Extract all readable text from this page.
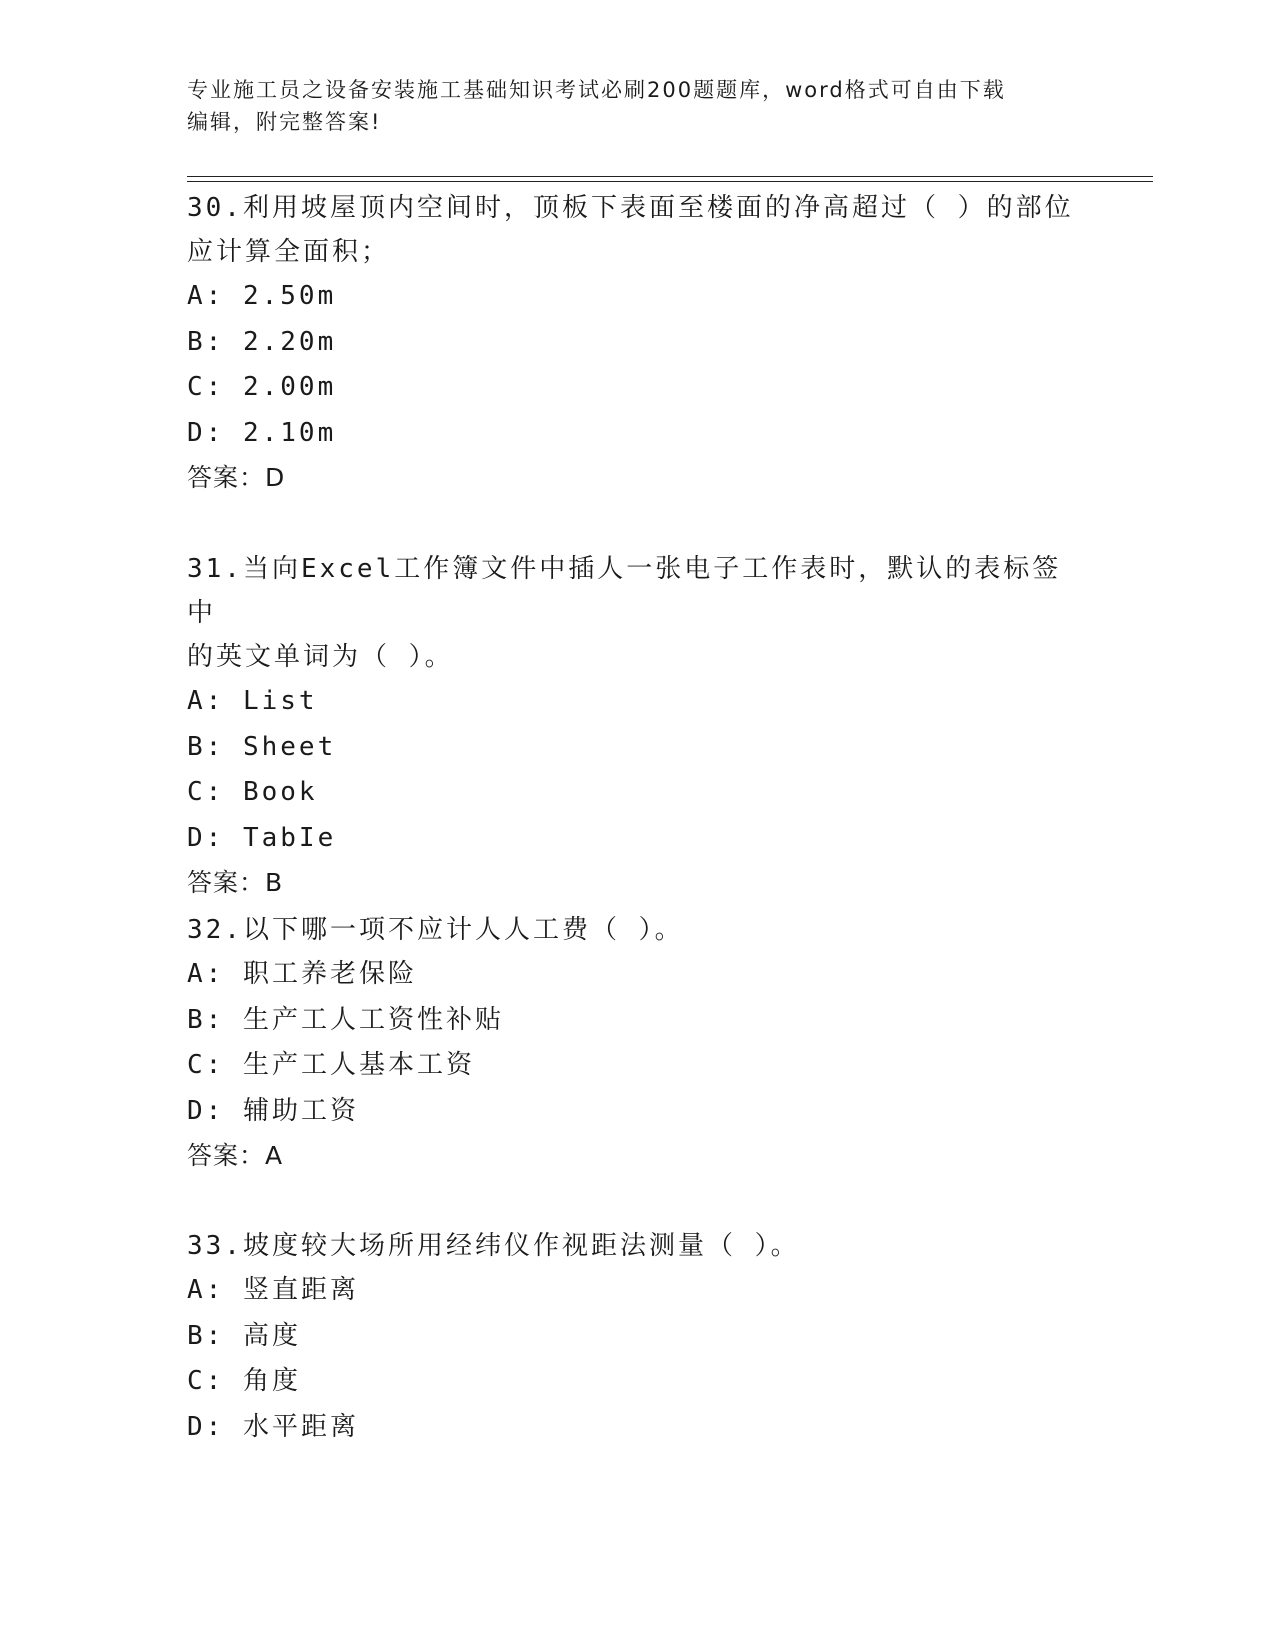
专业施工员之设备安装施工基础知识考试必刷200题题库，word格式可自由下载
编辑，附完整答案!
30.利用坡屋顶内空间时，顶板下表面至楼面的净高超过（ ）的部位
应计算全面积；
A: 2.50m
B: 2.20m
C: 2.00m
D: 2.10m
答案：D
31.当向Excel工作簿文件中插人一张电子工作表时，默认的表标签中
的英文单词为（ ）。
A: List
B: Sheet
C: Book
D: TabIe
答案：B
32.以下哪一项不应计人人工费（ ）。
A: 职工养老保险
B: 生产工人工资性补贴
C: 生产工人基本工资
D: 辅助工资
答案：A
33.坡度较大场所用经纬仪作视距法测量（ ）。
A: 竖直距离
B: 高度
C: 角度
D: 水平距离
